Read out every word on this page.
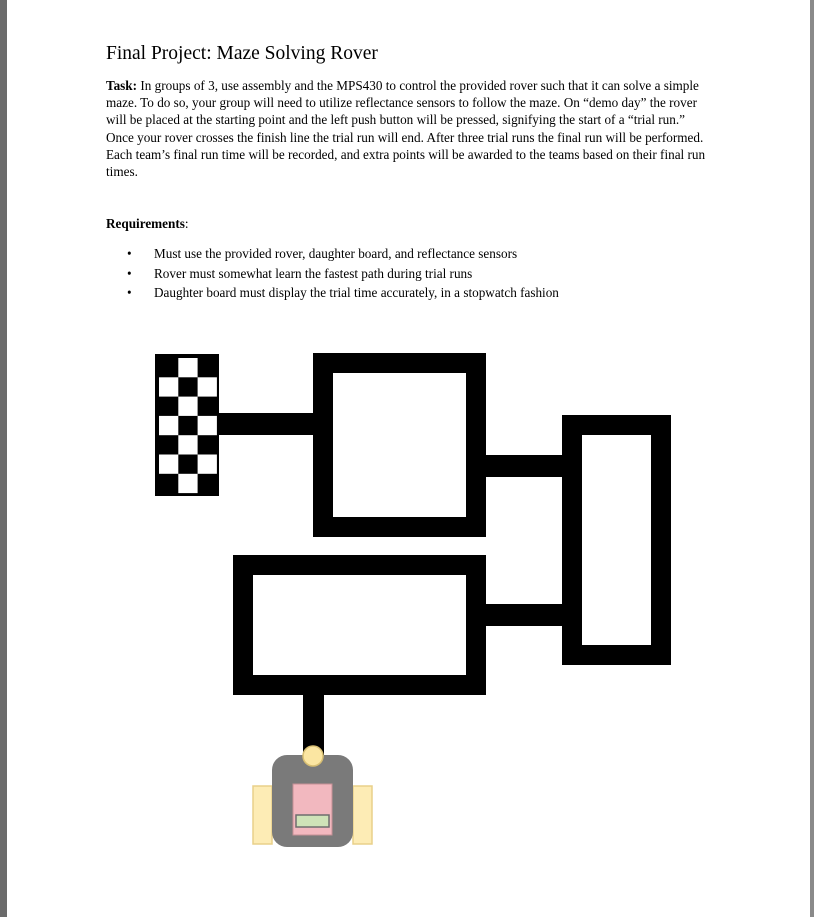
Final Project: Maze Solving Rover
Task: In groups of 3, use assembly and the MPS430 to control the provided rover such that it can solve a simple maze. To do so, your group will need to utilize reflectance sensors to follow the maze. On “demo day” the rover will be placed at the starting point and the left push button will be pressed, signifying the start of a “trial run.” Once your rover crosses the finish line the trial run will end. After three trial runs the final run will be performed. Each team’s final run time will be recorded, and extra points will be awarded to the teams based on their final run times.
Requirements:
• Must use the provided rover, daughter board, and reflectance sensors
• Rover must somewhat learn the fastest path during trial runs
• Daughter board must display the trial time accurately, in a stopwatch fashion
